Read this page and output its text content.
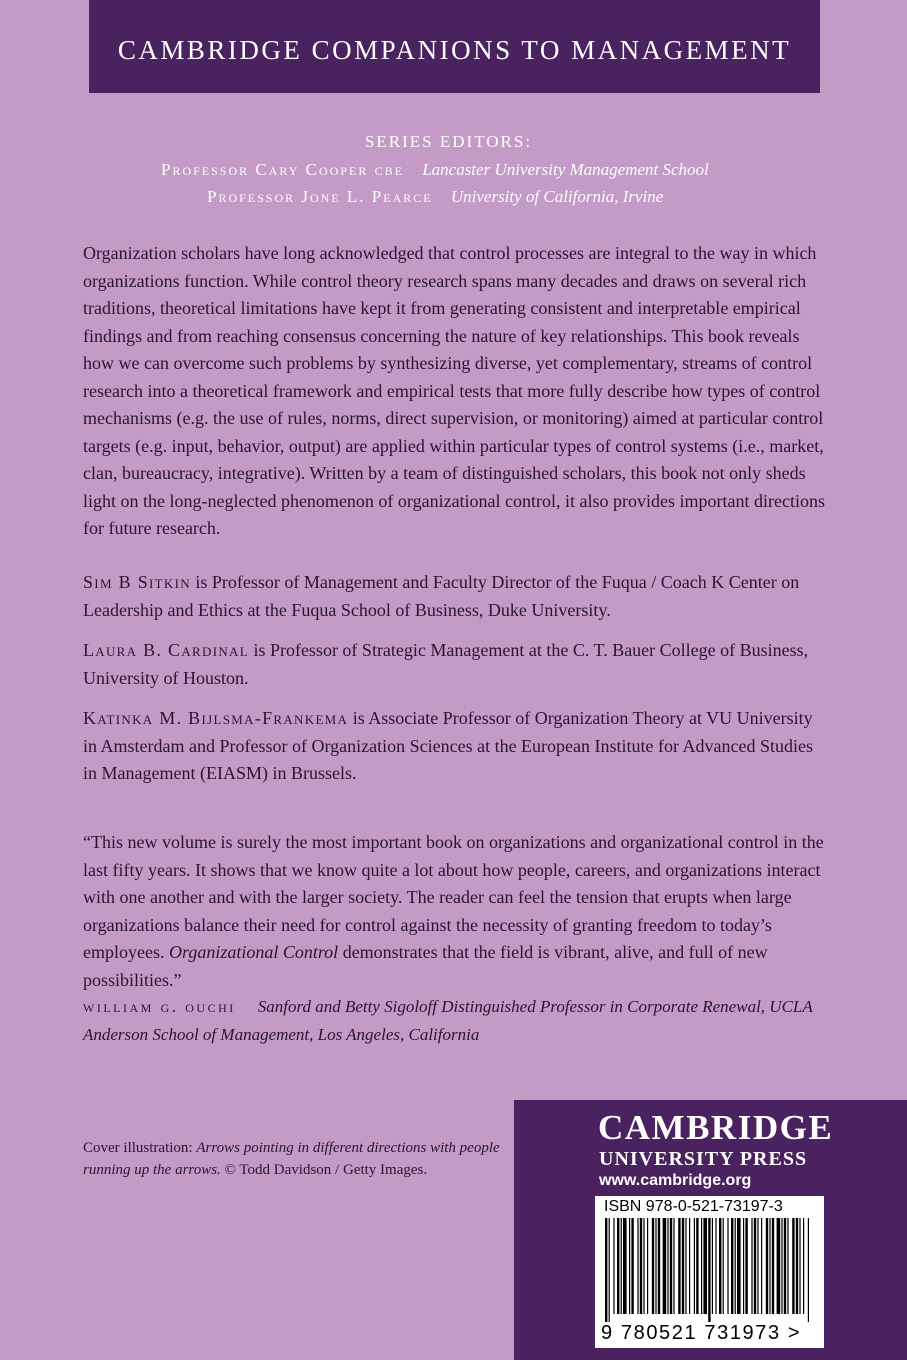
CAMBRIDGE COMPANIONS TO MANAGEMENT
SERIES EDITORS:
Professor Cary Cooper cbe Lancaster University Management School
Professor Jone L. Pearce University of California, Irvine

Organization scholars have long acknowledged that control processes are integral to the way in which organizations function. While control theory research spans many decades and draws on several rich traditions, theoretical limitations have kept it from generating consistent and interpretable empirical findings and from reaching consensus concerning the nature of key relationships. This book reveals how we can overcome such problems by synthesizing diverse, yet complementary, streams of control research into a theoretical framework and empirical tests that more fully describe how types of control mechanisms (e.g. the use of rules, norms, direct supervision, or monitoring) aimed at particular control targets (e.g. input, behavior, output) are applied within particular types of control systems (i.e., market, clan, bureaucracy, integrative). Written by a team of distinguished scholars, this book not only sheds light on the long-neglected phenomenon of organizational control, it also provides important directions for future research.

Sim B Sitkin is Professor of Management and Faculty Director of the Fuqua / Coach K Center on Leadership and Ethics at the Fuqua School of Business, Duke University.

Laura B. Cardinal is Professor of Strategic Management at the C. T. Bauer College of Business, University of Houston.

Katinka M. Bijlsma-Frankema is Associate Professor of Organization Theory at VU University in Amsterdam and Professor of Organization Sciences at the European Institute for Advanced Studies in Management (EIASM) in Brussels.

“This new volume is surely the most important book on organizations and organizational control in the last fifty years. It shows that we know quite a lot about how people, careers, and organizations interact with one another and with the larger society. The reader can feel the tension that erupts when large organizations balance their need for control against the necessity of granting freedom to today’s employees. Organizational Control demonstrates that the field is vibrant, alive, and full of new possibilities.”

william g. ouchi Sanford and Betty Sigoloff Distinguished Professor in Corporate Renewal, UCLA Anderson School of Management, Los Angeles, California

Cover illustration: Arrows pointing in different directions with people running up the arrows. © Todd Davidson / Getty Images.
CAMBRIDGE
UNIVERSITY PRESS
www.cambridge.org
ISBN 978-0-521-73197-3
9 780521 731973 >
